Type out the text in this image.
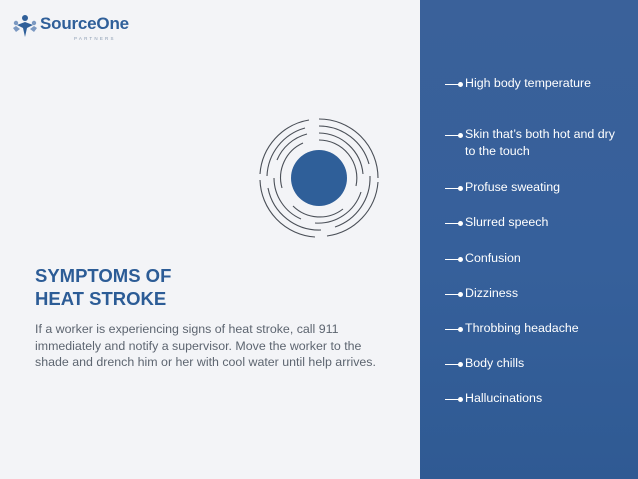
SourceOne
PARTNERS
SYMPTOMS OF
HEAT STROKE
If a worker is experiencing signs of heat stroke, call 911 immediately and notify a supervisor. Move the worker to the shade and drench him or her with cool water until help arrives.
High body temperature
Skin that’s both hot and dry to the touch
Profuse sweating
Slurred speech
Confusion
Dizziness
Throbbing headache
Body chills
Hallucinations
